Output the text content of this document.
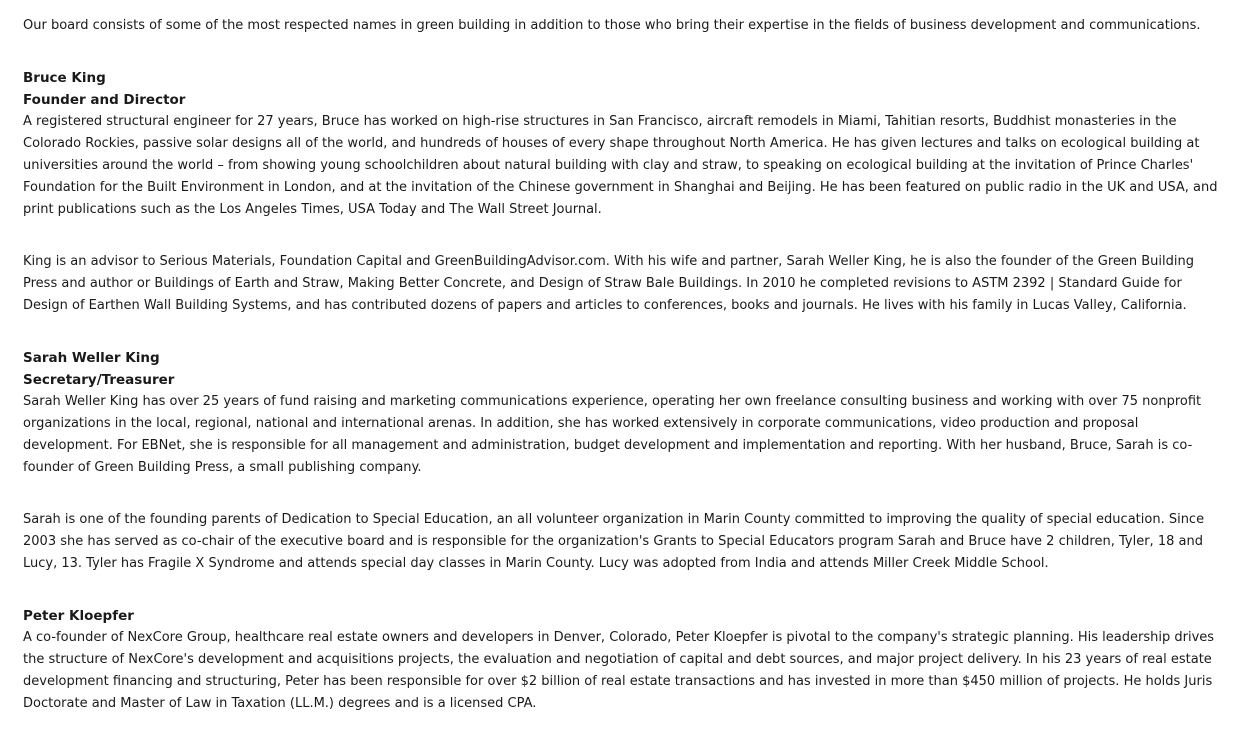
Our board consists of some of the most respected names in green building in addition to those who bring their expertise in the fields of business development and communications.

Bruce King
Founder and Director

A registered structural engineer for 27 years, Bruce has worked on high-rise structures in San Francisco, aircraft remodels in Miami, Tahitian resorts, Buddhist monasteries in the Colorado Rockies, passive solar designs all of the world, and hundreds of houses of every shape throughout North America. He has given lectures and talks on ecological building at universities around the world – from showing young schoolchildren about natural building with clay and straw, to speaking on ecological building at the invitation of Prince Charles' Foundation for the Built Environment in London, and at the invitation of the Chinese government in Shanghai and Beijing. He has been featured on public radio in the UK and USA, and print publications such as the Los Angeles Times, USA Today and The Wall Street Journal.

King is an advisor to Serious Materials, Foundation Capital and GreenBuildingAdvisor.com. With his wife and partner, Sarah Weller King, he is also the founder of the Green Building Press and author or Buildings of Earth and Straw, Making Better Concrete, and Design of Straw Bale Buildings. In 2010 he completed revisions to ASTM 2392 | Standard Guide for Design of Earthen Wall Building Systems, and has contributed dozens of papers and articles to conferences, books and journals. He lives with his family in Lucas Valley, California.

Sarah Weller King
Secretary/Treasurer

Sarah Weller King has over 25 years of fund raising and marketing communications experience, operating her own freelance consulting business and working with over 75 nonprofit organizations in the local, regional, national and international arenas. In addition, she has worked extensively in corporate communications, video production and proposal development. For EBNet, she is responsible for all management and administration, budget development and implementation and reporting. With her husband, Bruce, Sarah is co-founder of Green Building Press, a small publishing company.

Sarah is one of the founding parents of Dedication to Special Education, an all volunteer organization in Marin County committed to improving the quality of special education. Since 2003 she has served as co-chair of the executive board and is responsible for the organization's Grants to Special Educators program Sarah and Bruce have 2 children, Tyler, 18 and Lucy, 13. Tyler has Fragile X Syndrome and attends special day classes in Marin County. Lucy was adopted from India and attends Miller Creek Middle School.

Peter Kloepfer

A co-founder of NexCore Group, healthcare real estate owners and developers in Denver, Colorado, Peter Kloepfer is pivotal to the company's strategic planning. His leadership drives the structure of NexCore's development and acquisitions projects, the evaluation and negotiation of capital and debt sources, and major project delivery. In his 23 years of real estate development financing and structuring, Peter has been responsible for over $2 billion of real estate transactions and has invested in more than $450 million of projects. He holds Juris Doctorate and Master of Law in Taxation (LL.M.) degrees and is a licensed CPA.
